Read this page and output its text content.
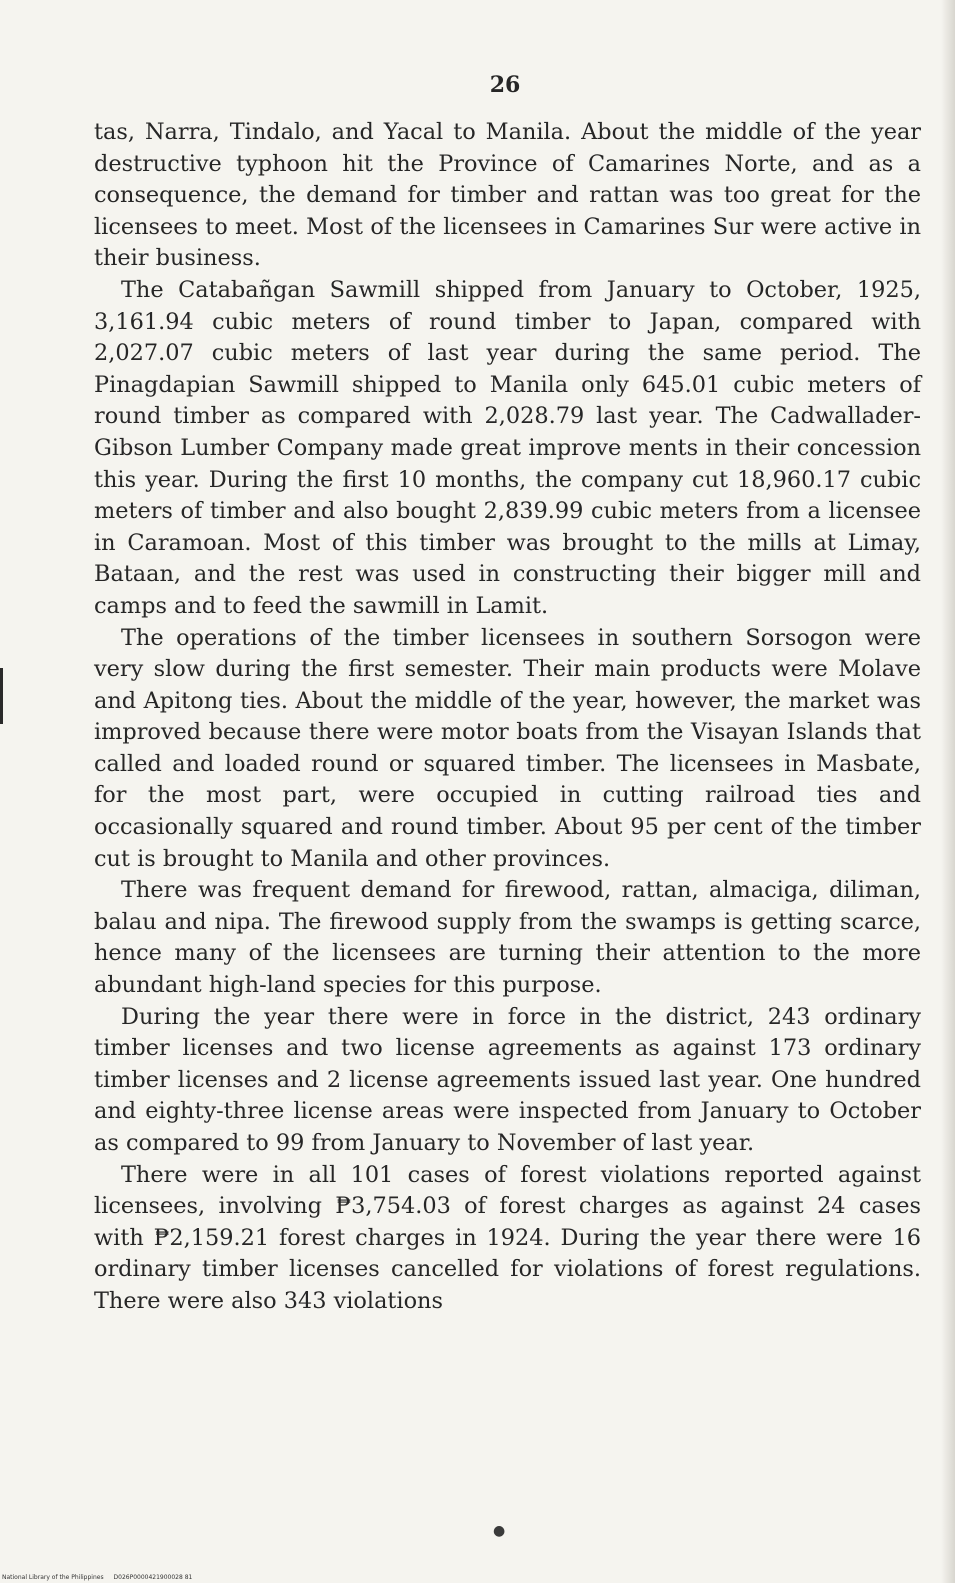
26

tas, Narra, Tindalo, and Yacal to Manila. About the middle of the year destructive typhoon hit the Province of Camarines Norte, and as a consequence, the demand for timber and rattan was too great for the licensees to meet. Most of the licensees in Camarines Sur were active in their business.

The Catabañgan Sawmill shipped from January to October, 1925, 3,161.94 cubic meters of round timber to Japan, compared with 2,027.07 cubic meters of last year during the same period. The Pinagdapian Sawmill shipped to Manila only 645.01 cubic meters of round timber as compared with 2,028.79 last year. The Cadwallader-Gibson Lumber Company made great improve ments in their concession this year. During the first 10 months, the company cut 18,960.17 cubic meters of timber and also bought 2,839.99 cubic meters from a licensee in Caramoan. Most of this timber was brought to the mills at Limay, Bataan, and the rest was used in constructing their bigger mill and camps and to feed the sawmill in Lamit.

The operations of the timber licensees in southern Sorsogon were very slow during the first semester. Their main products were Molave and Apitong ties. About the middle of the year, however, the market was improved because there were motor boats from the Visayan Islands that called and loaded round or squared timber. The licensees in Masbate, for the most part, were occupied in cutting railroad ties and occasionally squared and round timber. About 95 per cent of the timber cut is brought to Manila and other provinces.

There was frequent demand for firewood, rattan, almaciga, diliman, balau and nipa. The firewood supply from the swamps is getting scarce, hence many of the licensees are turning their attention to the more abundant high-land species for this purpose.

During the year there were in force in the district, 243 ordinary timber licenses and two license agreements as against 173 ordinary timber licenses and 2 license agreements issued last year. One hundred and eighty-three license areas were inspected from January to October as compared to 99 from January to November of last year.

There were in all 101 cases of forest violations reported against licensees, involving ₱3,754.03 of forest charges as against 24 cases with ₱2,159.21 forest charges in 1924. During the year there were 16 ordinary timber licenses cancelled for violations of forest regulations. There were also 343 violations

●
National Library of the Philippines D026P0000421900028 81
